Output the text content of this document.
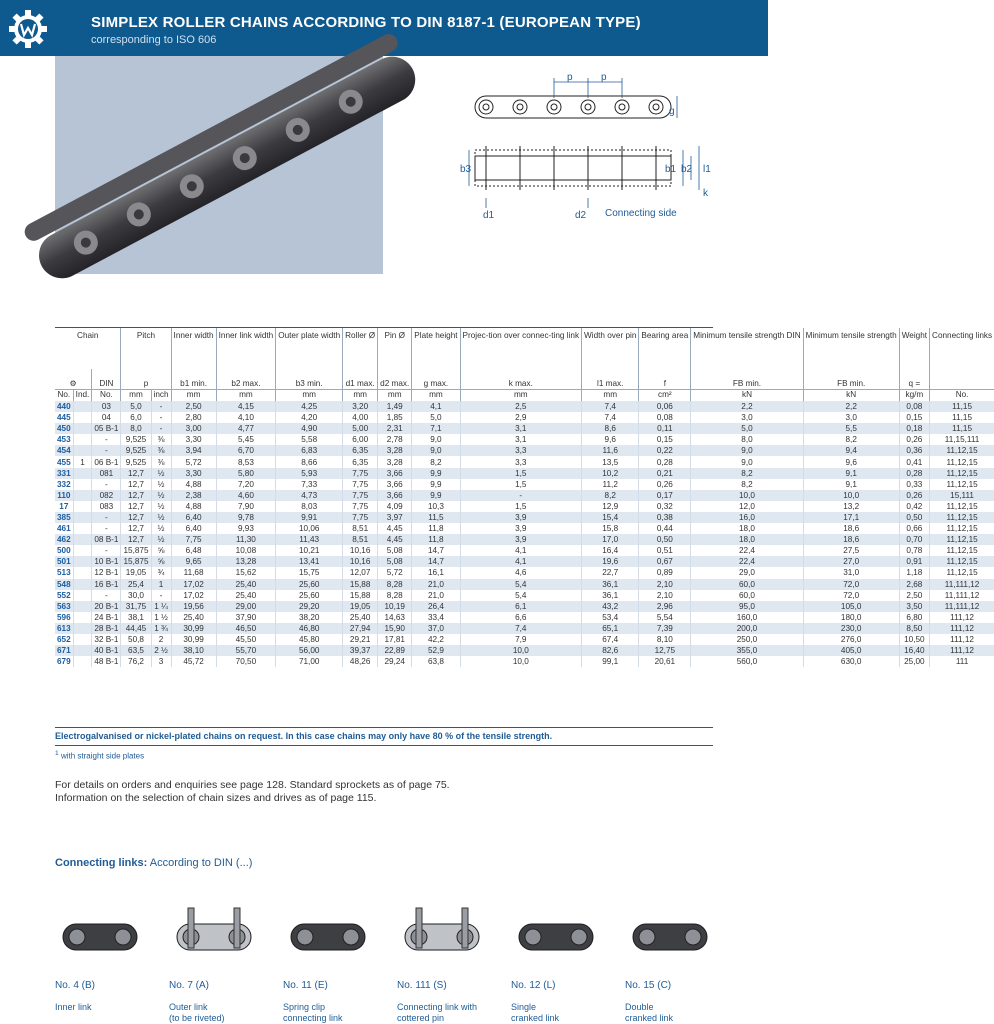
SIMPLEX ROLLER CHAINS ACCORDING TO DIN 8187-1 (EUROPEAN TYPE)
corresponding to ISO 606
p	p
g
b3	b1 b2 l1
k
d1	d2 Connecting side
Chain			Pitch		Inner width	Inner link width	Outer plate width	Roller Ø	Pin Ø	Plate height	Projec-tion over connec-ting link	Width over pin	Bearing area	Minimum tensile strength DIN	Minimum tensile strength	Weight	Connecting links
⚙		DIN	p		b1 min.	b2 max.	b3 min.	d1 max.	d2 max.	g max.	k max.	l1 max.	f	FB min.	FB min.	q =	
No.	Ind.	No.	mm	inch	mm	mm	mm	mm	mm	mm	mm	mm	cm²	kN	kN	kg/m	No.
440		03	5,0	-	2,50	4,15	4,25	3,20	1,49	4,1	2,5	7,4	0,06	2,2	2,2	0,08	11,15
445		04	6,0	-	2,80	4,10	4,20	4,00	1,85	5,0	2,9	7,4	0,08	3,0	3,0	0,15	11,15
450		05 B-1	8,0	-	3,00	4,77	4,90	5,00	2,31	7,1	3,1	8,6	0,11	5,0	5,5	0,18	11,15
453		-	9,525	⅜	3,30	5,45	5,58	6,00	2,78	9,0	3,1	9,6	0,15	8,0	8,2	0,26	11,15,111
454		-	9,525	⅜	3,94	6,70	6,83	6,35	3,28	9,0	3,3	11,6	0,22	9,0	9,4	0,36	11,12,15
455	1	06 B-1	9,525	⅜	5,72	8,53	8,66	6,35	3,28	8,2	3,3	13,5	0,28	9,0	9,6	0,41	11,12,15
331		081	12,7	½	3,30	5,80	5,93	7,75	3,66	9,9	1,5	10,2	0,21	8,2	9,1	0,28	11,12,15
332		-	12,7	½	4,88	7,20	7,33	7,75	3,66	9,9	1,5	11,2	0,26	8,2	9,1	0,33	11,12,15
110		082	12,7	½	2,38	4,60	4,73	7,75	3,66	9,9	-	8,2	0,17	10,0	10,0	0,26	15,111
17		083	12,7	½	4,88	7,90	8,03	7,75	4,09	10,3	1,5	12,9	0,32	12,0	13,2	0,42	11,12,15
385		-	12,7	½	6,40	9,78	9,91	7,75	3,97	11,5	3,9	15,4	0,38	16,0	17,1	0,50	11,12,15
461		-	12,7	½	6,40	9,93	10,06	8,51	4,45	11,8	3,9	15,8	0,44	18,0	18,6	0,66	11,12,15
462		08 B-1	12,7	½	7,75	11,30	11,43	8,51	4,45	11,8	3,9	17,0	0,50	18,0	18,6	0,70	11,12,15
500		-	15,875	⅝	6,48	10,08	10,21	10,16	5,08	14,7	4,1	16,4	0,51	22,4	27,5	0,78	11,12,15
501		10 B-1	15,875	⅝	9,65	13,28	13,41	10,16	5,08	14,7	4,1	19,6	0,67	22,4	27,0	0,91	11,12,15
513		12 B-1	19,05	¾	11,68	15,62	15,75	12,07	5,72	16,1	4,6	22,7	0,89	29,0	31,0	1,18	11,12,15
548		16 B-1	25,4	1	17,02	25,40	25,60	15,88	8,28	21,0	5,4	36,1	2,10	60,0	72,0	2,68	11,111,12
552		-	30,0	-	17,02	25,40	25,60	15,88	8,28	21,0	5,4	36,1	2,10	60,0	72,0	2,50	11,111,12
563		20 B-1	31,75	1 ¼	19,56	29,00	29,20	19,05	10,19	26,4	6,1	43,2	2,96	95,0	105,0	3,50	11,111,12
596		24 B-1	38,1	1 ½	25,40	37,90	38,20	25,40	14,63	33,4	6,6	53,4	5,54	160,0	180,0	6,80	111,12
613		28 B-1	44,45	1 ¾	30,99	46,50	46,80	27,94	15,90	37,0	7,4	65,1	7,39	200,0	230,0	8,50	111,12
652		32 B-1	50,8	2	30,99	45,50	45,80	29,21	17,81	42,2	7,9	67,4	8,10	250,0	276,0	10,50	111,12
671		40 B-1	63,5	2 ½	38,10	55,70	56,00	39,37	22,89	52,9	10,0	82,6	12,75	355,0	405,0	16,40	111,12
679		48 B-1	76,2	3	45,72	70,50	71,00	48,26	29,24	63,8	10,0	99,1	20,61	560,0	630,0	25,00	111
Electrogalvanised or nickel-plated chains on request. In this case chains may only have 80 % of the tensile strength.
$^1$ with straight side plates
For details on orders and enquiries see page 128. Standard sprockets as of page 75.
Information on the selection of chain sizes and drives as of page 115.
Connecting links: According to DIN (...)
No. 4 (B)
Inner link
No. 7 (A)
Outer link
(to be riveted)
No. 11 (E)
Spring clip
connecting link
No. 111 (S)
Connecting link with
cottered pin
No. 12 (L)
Single
cranked link
No. 15 (C)
Double
cranked link
